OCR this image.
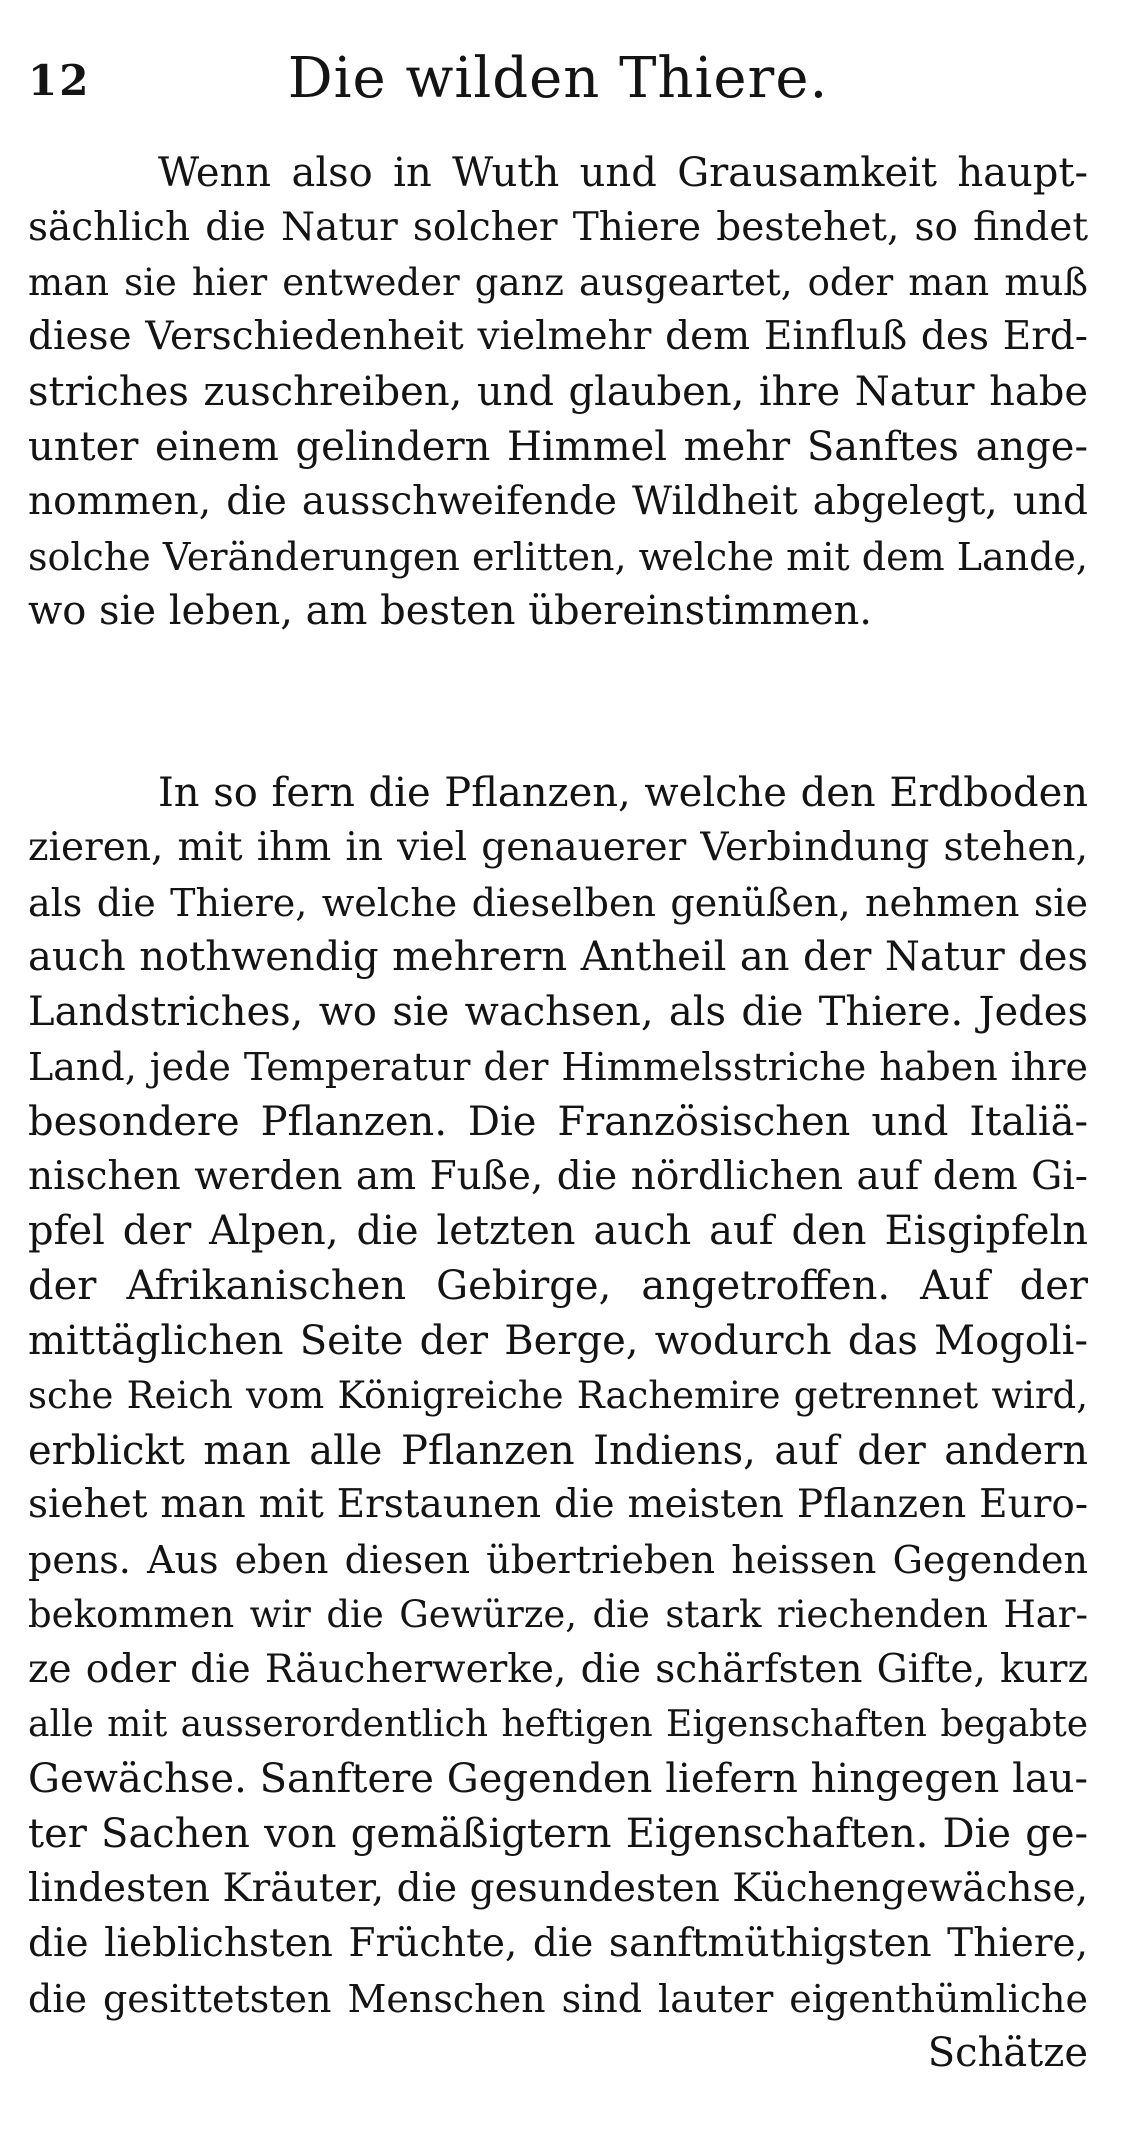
12	Die wilden Thiere.
Wenn also in Wuth und Grausamkeit haupt-
sächlich die Natur solcher Thiere bestehet, so findet
man sie hier entweder ganz ausgeartet, oder man muß
diese Verschiedenheit vielmehr dem Einfluß des Erd-
striches zuschreiben, und glauben, ihre Natur habe
unter einem gelindern Himmel mehr Sanftes ange-
nommen, die ausschweifende Wildheit abgelegt, und
solche Veränderungen erlitten, welche mit dem Lande,
wo sie leben, am besten übereinstimmen.
In so fern die Pflanzen, welche den Erdboden
zieren, mit ihm in viel genauerer Verbindung stehen,
als die Thiere, welche dieselben genüßen, nehmen sie
auch nothwendig mehrern Antheil an der Natur des
Landstriches, wo sie wachsen, als die Thiere. Jedes
Land, jede Temperatur der Himmelsstriche haben ihre
besondere Pflanzen. Die Französischen und Italiä-
nischen werden am Fuße, die nördlichen auf dem Gi-
pfel der Alpen, die letzten auch auf den Eisgipfeln
der Afrikanischen Gebirge, angetroffen. Auf der
mittäglichen Seite der Berge, wodurch das Mogoli-
sche Reich vom Königreiche Rachemire getrennet wird,
erblickt man alle Pflanzen Indiens, auf der andern
siehet man mit Erstaunen die meisten Pflanzen Euro-
pens. Aus eben diesen übertrieben heissen Gegenden
bekommen wir die Gewürze, die stark riechenden Har-
ze oder die Räucherwerke, die schärfsten Gifte, kurz
alle mit ausserordentlich heftigen Eigenschaften begabte
Gewächse. Sanftere Gegenden liefern hingegen lau-
ter Sachen von gemäßigtern Eigenschaften. Die ge-
lindesten Kräuter, die gesundesten Küchengewächse,
die lieblichsten Früchte, die sanftmüthigsten Thiere,
die gesittetsten Menschen sind lauter eigenthümliche
Schätze
